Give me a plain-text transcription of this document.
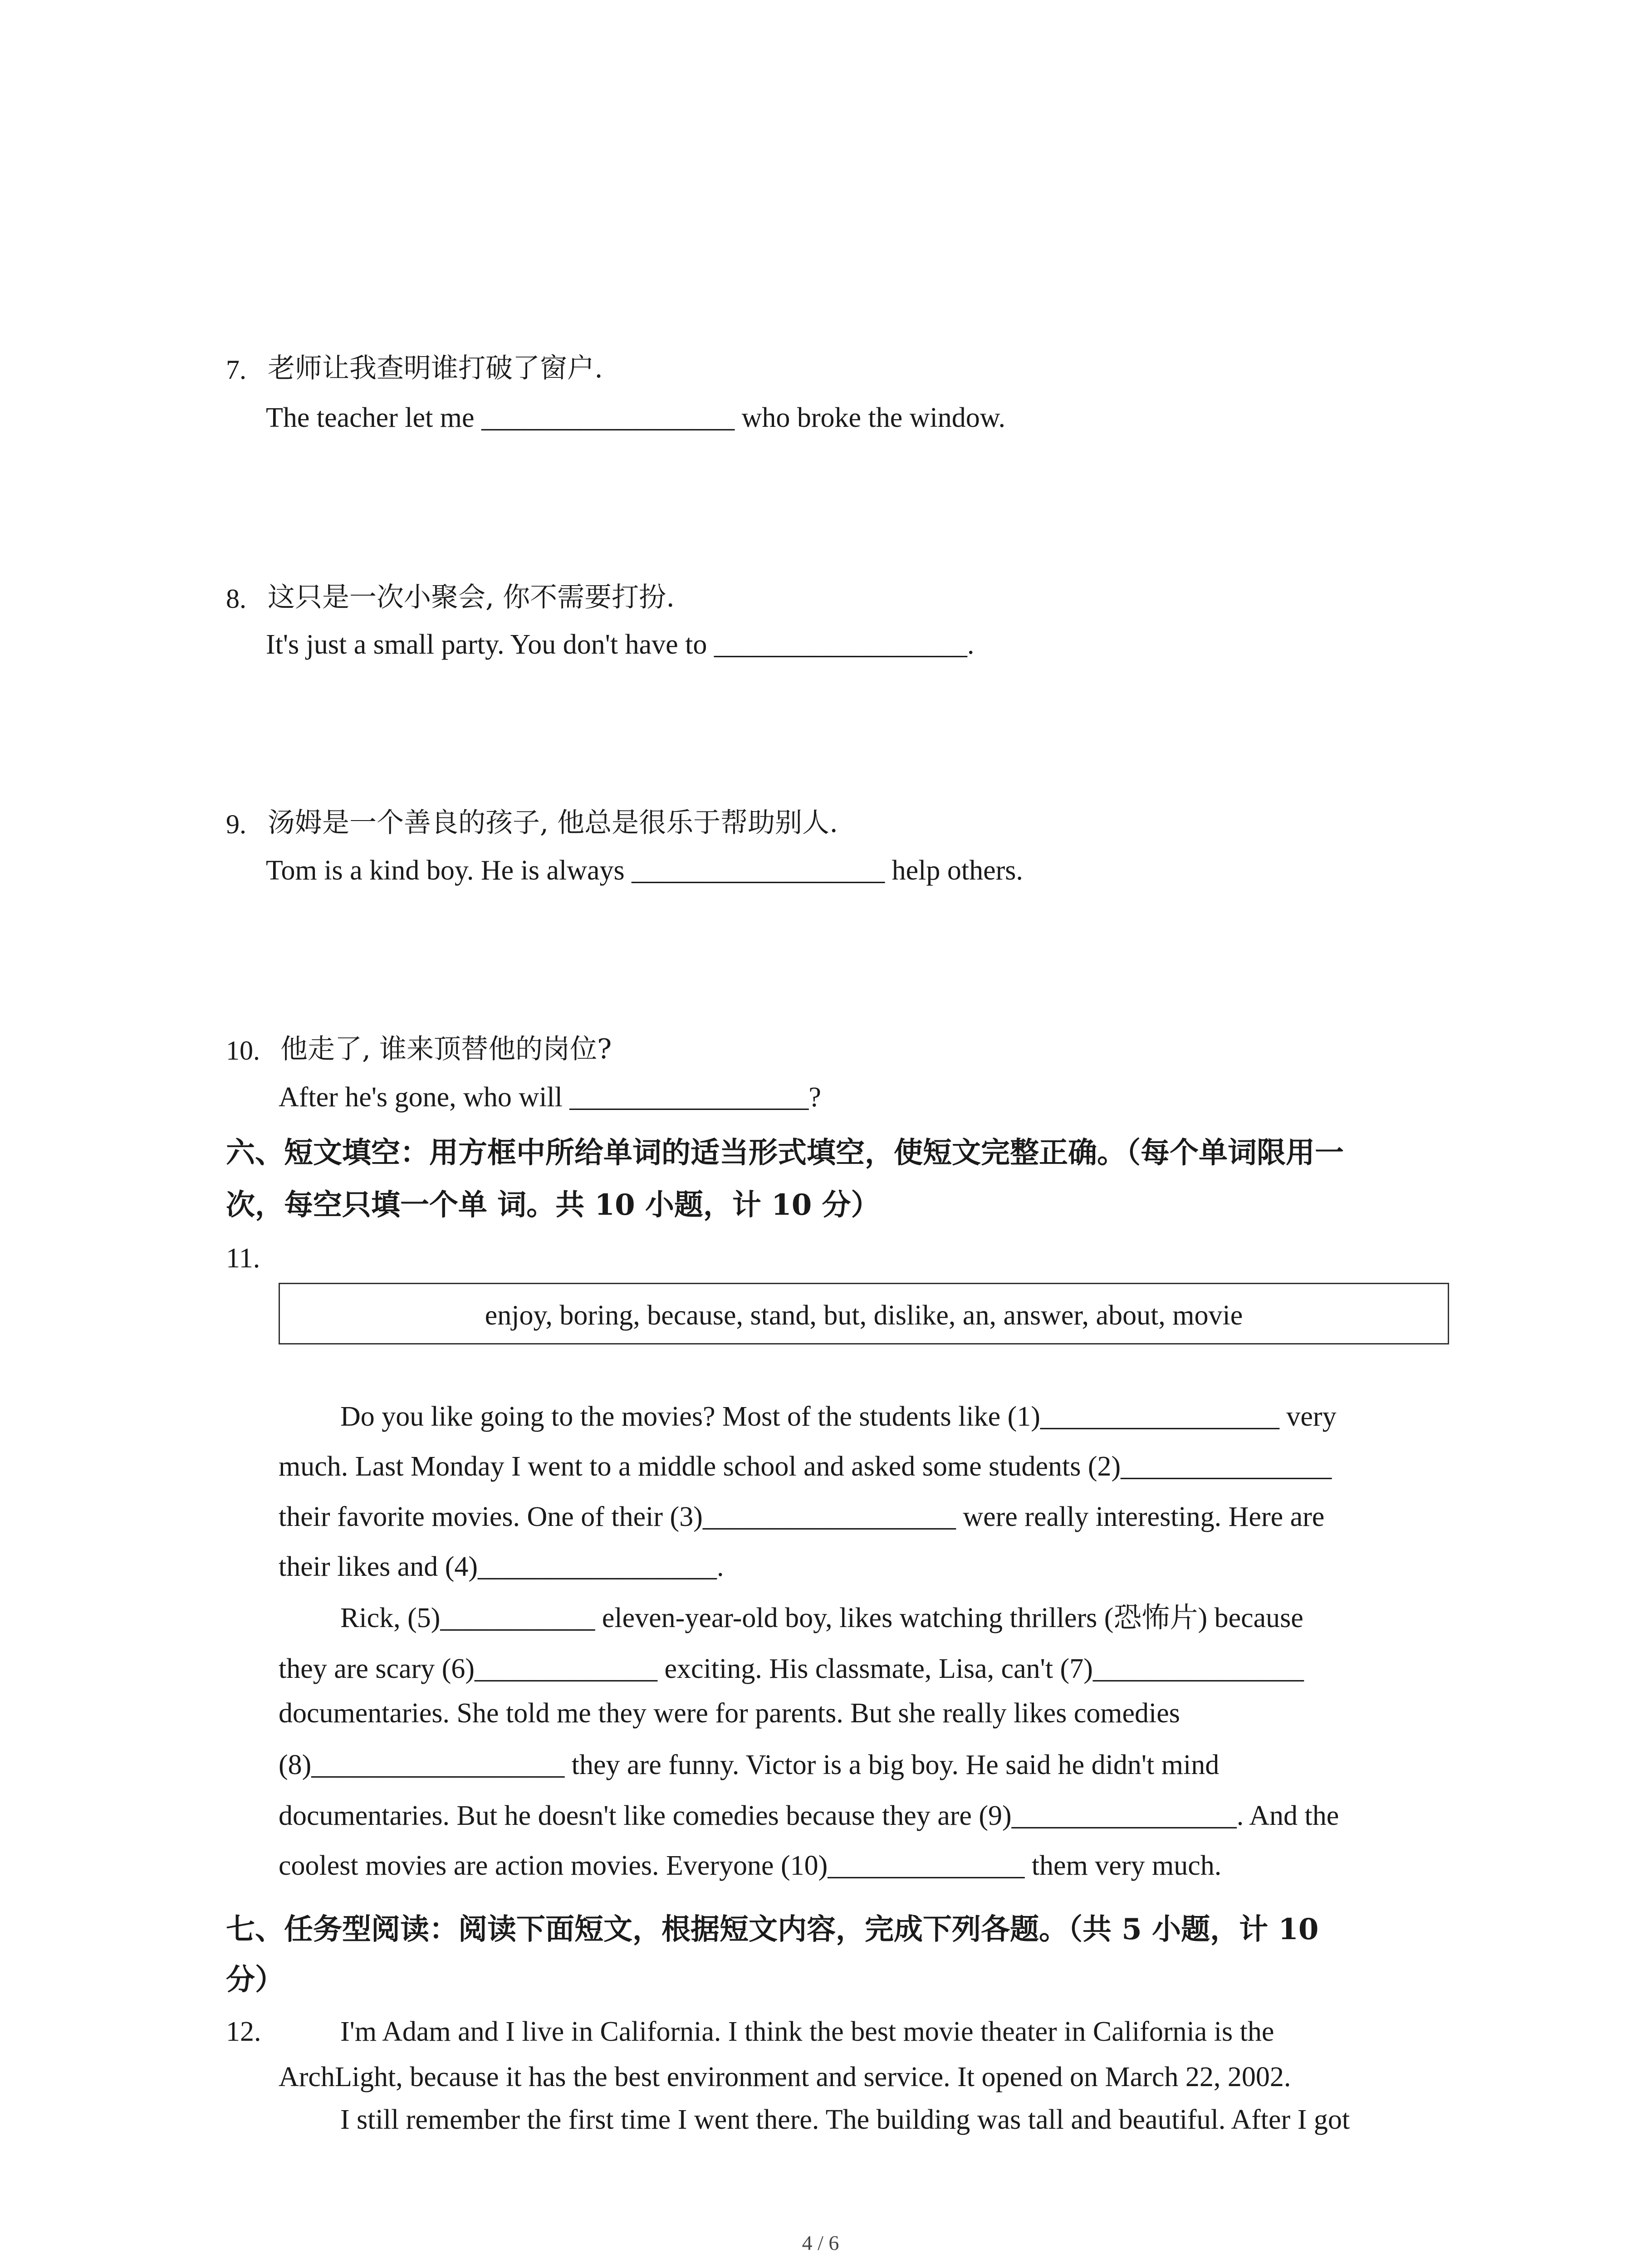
7. 老师让我查明谁打破了窗户.
The teacher let me __________________ who broke the window.
8. 这只是一次小聚会, 你不需要打扮.
It's just a small party. You don't have to __________________.
9. 汤姆是一个善良的孩子, 他总是很乐于帮助别人.
Tom is a kind boy. He is always __________________ help others.
10. 他走了, 谁来顶替他的岗位?
After he's gone, who will _________________?
六、短文填空：用方框中所给单词的适当形式填空，使短文完整正确。（每个单词限用一
次，每空只填一个单 词。共 10 小题，计 10 分）
11.
enjoy, boring, because, stand, but, dislike, an, answer, about, movie
Do you like going to the movies? Most of the students like (1)_________________ very
much. Last Monday I went to a middle school and asked some students (2)_______________
their favorite movies. One of their (3)__________________ were really interesting. Here are
their likes and (4)_________________.
Rick, (5)___________ eleven-year-old boy, likes watching thrillers (恐怖片) because
they are scary (6)_____________ exciting. His classmate, Lisa, can't (7)_______________
documentaries. She told me they were for parents. But she really likes comedies
(8)__________________ they are funny. Victor is a big boy. He said he didn't mind
documentaries. But he doesn't like comedies because they are (9)________________. And the
coolest movies are action movies. Everyone (10)______________ them very much.
七、任务型阅读：阅读下面短文，根据短文内容，完成下列各题。（共 5 小题，计 10
分）
12.	I'm Adam and I live in California. I think the best movie theater in California is the
ArchLight, because it has the best environment and service. It opened on March 22, 2002.
I still remember the first time I went there. The building was tall and beautiful. After I got
4 / 6
